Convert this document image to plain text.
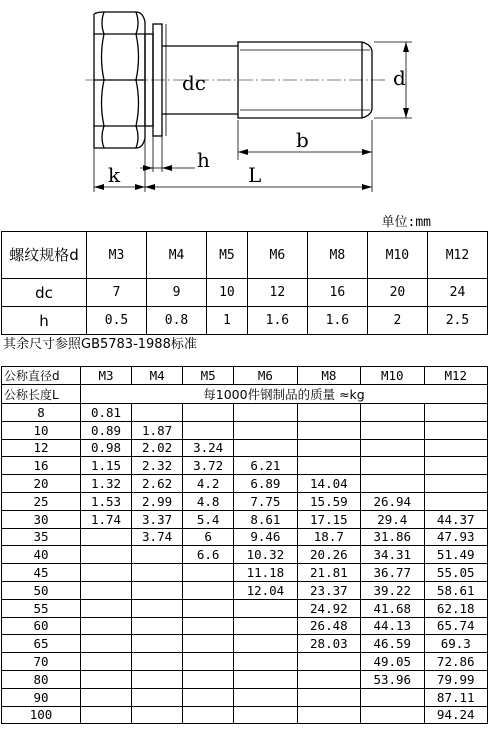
dc	d
b
h
k	L
单位:mm
螺纹规格d	M3	M4	M5	M6	M8	M10	M12
dc	7	9	10	12	16	20	24
h	0.5	0.8	1	1.6	1.6	2	2.5
其余尺寸参照GB5783-1988标准
公称直径d	M3	M4	M5	M6	M8	M10	M12
公称长度L	每1000件钢制品的质量 ≈kg						
8	0.81						
10	0.89	1.87					
12	0.98	2.02	3.24				
16	1.15	2.32	3.72	6.21			
20	1.32	2.62	4.2	6.89	14.04		
25	1.53	2.99	4.8	7.75	15.59	26.94	
30	1.74	3.37	5.4	8.61	17.15	29.4	44.37
35		3.74	6	9.46	18.7	31.86	47.93
40			6.6	10.32	20.26	34.31	51.49
45				11.18	21.81	36.77	55.05
50				12.04	23.37	39.22	58.61
55					24.92	41.68	62.18
60					26.48	44.13	65.74
65					28.03	46.59	69.3
70						49.05	72.86
80						53.96	79.99
90							87.11
100							94.24
